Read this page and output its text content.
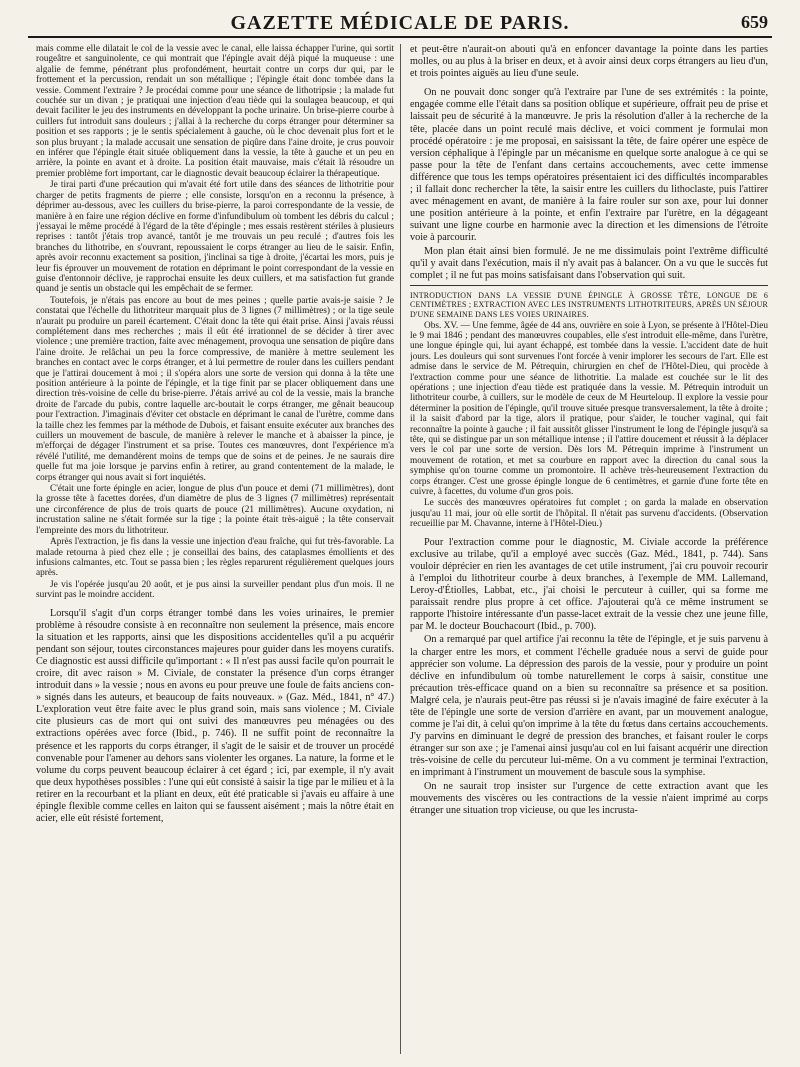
GAZETTE MÉDICALE DE PARIS.	659

mais comme elle dilatait le col de la vessie avec le canal, elle laissa échapper l'urine, qui sortit rougeâtre et sanguinolente, ce qui montrait que l'épingle avait déjà piqué la muqueuse : une algalie de femme, pénétrant plus profondément, heurtait contre un corps dur qui, par le frottement et la percussion, rendait un son métallique ; l'épingle était donc tombée dans la vessie. Comment l'extraire ? Je procédai comme pour une séance de lithotripsie ; la malade fut couchée sur un divan ; je pratiquai une injection d'eau tiède qui la soulagea beaucoup, et qui devait faciliter le jeu des instruments en développant la poche urinaire. Un brise-pierre courbe à cuillers fut introduit sans douleurs ; j'allai à la recherche du corps étranger pour déterminer sa position et ses rapports ; je le sentis spécialement à gauche, où le choc devenait plus fort et le son plus bruyant ; la malade accusait une sensation de piqûre dans l'aine droite, je crus pouvoir en inférer que l'épingle était située obliquement dans la vessie, la tête à gauche et un peu en arrière, la pointe en avant et à droite. La position était mauvaise, mais c'était là résoudre un premier problème fort important, car le diagnostic devait beaucoup éclairer la thérapeutique.

Je tirai parti d'une précaution qui m'avait été fort utile dans des séances de lithotritie pour charger de petits fragments de pierre ; elle consiste, lorsqu'on en a reconnu la présence, à déprimer au-dessous, avec les cuillers du brise-pierre, la paroi correspondante de la vessie, de manière à en faire une région déclive en forme d'infundibulum où tombent les débris du calcul ; j'essayai le même procédé à l'égard de la tête d'épingle ; mes essais restèrent stériles à plusieurs reprises : tantôt j'étais trop avancé, tantôt je me trouvais un peu reculé ; d'autres fois les branches du lithotribe, en s'ouvrant, repoussaient le corps étranger au lieu de le saisir. Enfin, après avoir reconnu exactement sa position, j'inclinai sa tige à droite, j'écartai les mors, puis je leur fis éprouver un mouvement de rotation en déprimant le point correspondant de la vessie en guise d'entonnoir déclive, je rapprochai ensuite les deux cuillers, et ma satisfaction fut grande quand je sentis un obstacle qui les empêchait de se fermer.

Toutefois, je n'étais pas encore au bout de mes peines ; quelle partie avais-je saisie ? Je constatai que l'échelle du lithotriteur marquait plus de 3 lignes (7 millimètres) ; or la tige seule n'aurait pu produire un pareil écartement. C'était donc la tête qui était prise. Ainsi j'avais réussi complétement dans mes recherches ; mais il eût été irrationnel de se décider à tirer avec violence ; une première traction, faite avec ménagement, provoqua une sensation de piqûre dans l'aine droite. Je relâchai un peu la force compressive, de manière à mettre seulement les branches en contact avec le corps étranger, et à lui permettre de rouler dans les cuillers pendant que je l'attirai doucement à moi ; il s'opéra alors une sorte de version qui donna à la tête une position antérieure à la pointe de l'épingle, et la tige finit par se placer obliquement dans une direction très-voisine de celle du brise-pierre. J'étais arrivé au col de la vessie, mais la branche droite de l'arcade du pubis, contre laquelle arc-boutait le corps étranger, me gênait beaucoup pour l'extraction. J'imaginais d'éviter cet obstacle en déprimant le canal de l'urètre, comme dans la taille chez les femmes par la méthode de Dubois, et faisant ensuite exécuter aux branches des cuillers un mouvement de bascule, de manière à relever le manche et à abaisser la pince, je m'efforçai de dégager l'instrument et sa prise. Toutes ces manœuvres, dont l'expérience m'a révélé l'utilité, me demandèrent moins de temps que de soins et de peines. Je ne saurais dire quelle fut ma joie lorsque je parvins enfin à retirer, au grand contentement de la malade, le corps étranger qui nous avait si fort inquiétés.

C'était une forte épingle en acier, longue de plus d'un pouce et demi (71 millimètres), dont la grosse tête à facettes dorées, d'un diamètre de plus de 3 lignes (7 millimètres) représentait une circonférence de plus de trois quarts de pouce (21 millimètres). Aucune oxydation, ni incrustation saline ne s'était formée sur la tige ; la pointe était très-aiguë ; la tête conservait l'empreinte des mors du lithotriteur.

Après l'extraction, je fis dans la vessie une injection d'eau fraîche, qui fut très-favorable. La malade retourna à pied chez elle ; je conseillai des bains, des cataplasmes émollients et des infusions calmantes, etc. Tout se passa bien ; les règles reparurent régulièrement quelques jours après.

Je vis l'opérée jusqu'au 20 août, et je pus ainsi la surveiller pendant plus d'un mois. Il ne survint pas le moindre accident.

Lorsqu'il s'agit d'un corps étranger tombé dans les voies urinaires, le premier problème à résoudre consiste à en reconnaître non seulement la présence, mais encore la situation et les rapports, ainsi que les dispositions accidentelles qu'il a pu acquérir pendant son séjour, toutes circonstances majeures pour guider dans les moyens curatifs. Ce diagnostic est aussi difficile qu'important : « Il n'est pas aussi facile qu'on pourrait le croire, dit avec raison » M. Civiale, de constater la présence d'un corps étranger introduit dans » la vessie ; nous en avons eu pour preuve une foule de faits anciens con- » signés dans les auteurs, et beaucoup de faits nouveaux. » (Gaz. Méd., 1841, n° 47.) L'exploration veut être faite avec le plus grand soin, mais sans violence ; M. Civiale cite plusieurs cas de mort qui ont suivi des manœuvres peu ménagées ou des extractions opérées avec force (Ibid., p. 746). Il ne suffit point de reconnaître la présence et les rapports du corps étranger, il s'agit de le saisir et de trouver un procédé convenable pour l'amener au dehors sans violenter les organes. La nature, la forme et le volume du corps peuvent beaucoup éclairer à cet égard ; ici, par exemple, il n'y avait que deux hypothèses possibles : l'une qui eût consisté à saisir la tige par le milieu et à la retirer en la recourbant et la pliant en deux, eût été praticable si j'avais eu affaire à une épingle flexible comme celles en laiton qui se faussent aisément ; mais la nôtre était en acier, elle eût résisté fortement,

et peut-être n'aurait-on abouti qu'à en enfoncer davantage la pointe dans les parties molles, ou au plus à la briser en deux, et à avoir ainsi deux corps étrangers au lieu d'un, et trois pointes aiguës au lieu d'une seule.

On ne pouvait donc songer qu'à l'extraire par l'une de ses extrémités : la pointe, engagée comme elle l'était dans sa position oblique et supérieure, offrait peu de prise et laissait peu de sécurité à la manœuvre. Je pris la résolution d'aller à la recherche de la tête, placée dans un point reculé mais déclive, et voici comment je formulai mon procédé opératoire : je me proposai, en saisissant la tête, de faire opérer une espèce de version céphalique à l'épingle par un mécanisme en quelque sorte analogue à ce qui se passe pour la tête de l'enfant dans certains accouchements, avec cette immense différence que tous les temps opératoires présentaient ici des difficultés incomparables ; il fallait donc rechercher la tête, la saisir entre les cuillers du lithoclaste, puis l'attirer avec ménagement en avant, de manière à la faire rouler sur son axe, pour lui donner une position antérieure à la pointe, et enfin l'extraire par l'urètre, en la dégageant suivant une ligne courbe en harmonie avec la direction et les dimensions de l'étroite voie à parcourir.

Mon plan était ainsi bien formulé. Je ne me dissimulais point l'extrême difficulté qu'il y avait dans l'exécution, mais il n'y avait pas à balancer. On a vu que le succès fut complet ; il ne fut pas moins satisfaisant dans l'observation qui suit.

INTRODUCTION DANS LA VESSIE D'UNE ÉPINGLE À GROSSE TÊTE, LONGUE DE 6 CENTIMÈTRES ; EXTRACTION AVEC LES INSTRUMENTS LITHOTRITEURS, APRÈS UN SÉJOUR D'UNE SEMAINE DANS LES VOIES URINAIRES.

Obs. XV. — Une femme, âgée de 44 ans, ouvrière en soie à Lyon, se présente à l'Hôtel-Dieu le 9 mai 1846 ; pendant des manœuvres coupables, elle s'est introduit elle-même, dans l'urètre, une longue épingle qui, lui ayant échappé, est tombée dans la vessie. L'accident date de huit jours. Les douleurs qui sont survenues l'ont forcée à venir implorer les secours de l'art. Elle est admise dans le service de M. Pétrequin, chirurgien en chef de l'Hôtel-Dieu, qui procède à l'extraction comme pour une séance de lithotritie. La malade est couchée sur le lit des opérations ; une injection d'eau tiède est pratiquée dans la vessie. M. Pétrequin introduit un lithotriteur courbe, à cuillers, sur le modèle de ceux de M Heurteloup. Il explore la vessie pour déterminer la position de l'épingle, qu'il trouve située presque transversalement, la tête à droite ; il la saisit d'abord par la tige, alors il pratique, pour s'aider, le toucher vaginal, qui fait reconnaître la pointe à gauche ; il fait aussitôt glisser l'instrument le long de l'épingle jusqu'à sa tête, qui se distingue par un son métallique intense ; il l'attire doucement et réussit à la déplacer vers le col par une sorte de version. Dès lors M. Pétrequin imprime à l'instrument un mouvement de rotation, et met sa courbure en rapport avec la direction du canal sous la symphise qu'on tourne comme un promontoire. Il achève très-heureusement l'extraction du corps étranger. C'est une grosse épingle longue de 6 centimètres, et garnie d'une forte tête en cuivre, à facettes, du volume d'un gros pois.

Le succès des manœuvres opératoires fut complet ; on garda la malade en observation jusqu'au 11 mai, jour où elle sortit de l'hôpital. Il n'était pas survenu d'accidents. (Observation recueillie par M. Chavanne, interne à l'Hôtel-Dieu.)

Pour l'extraction comme pour le diagnostic, M. Civiale accorde la préférence exclusive au trilabe, qu'il a employé avec succès (Gaz. Méd., 1841, p. 744). Sans vouloir déprécier en rien les avantages de cet utile instrument, j'ai cru pouvoir recourir à l'emploi du lithotriteur courbe à deux branches, à l'exemple de MM. Lallemand, Leroy-d'Étiolles, Labbat, etc., j'ai choisi le percuteur à cuiller, qui sa forme me paraissait rendre plus propre à cet office. J'ajouterai qu'à ce même instrument se rapporte l'histoire intéressante d'un passe-lacet extrait de la vessie chez une jeune fille, par M. le docteur Bouchacourt (Ibid., p. 700).

On a remarqué par quel artifice j'ai reconnu la tête de l'épingle, et je suis parvenu à la charger entre les mors, et comment l'échelle graduée nous a servi de guide pour apprécier son volume. La dépression des parois de la vessie, pour y produire un point déclive en infundibulum où tombe naturellement le corps à saisir, constitue une précaution très-efficace quand on a bien su reconnaître sa présence et sa position. Malgré cela, je n'aurais peut-être pas réussi si je n'avais imaginé de faire exécuter à la tête de l'épingle une sorte de version d'arrière en avant, par un mouvement analogue, comme je l'ai dit, à celui qu'on imprime à la tête du fœtus dans certains accouchements. J'y parvins en diminuant le degré de pression des branches, et faisant rouler le corps étranger sur son axe ; je l'amenai ainsi jusqu'au col en lui faisant acquérir une direction très-voisine de celle du percuteur lui-même. On a vu comment je terminai l'extraction, en imprimant à l'instrument un mouvement de bascule sous la symphise.

On ne saurait trop insister sur l'urgence de cette extraction avant que les mouvements des viscères ou les contractions de la vessie n'aient imprimé au corps étranger une situation trop vicieuse, ou que les incrusta-
